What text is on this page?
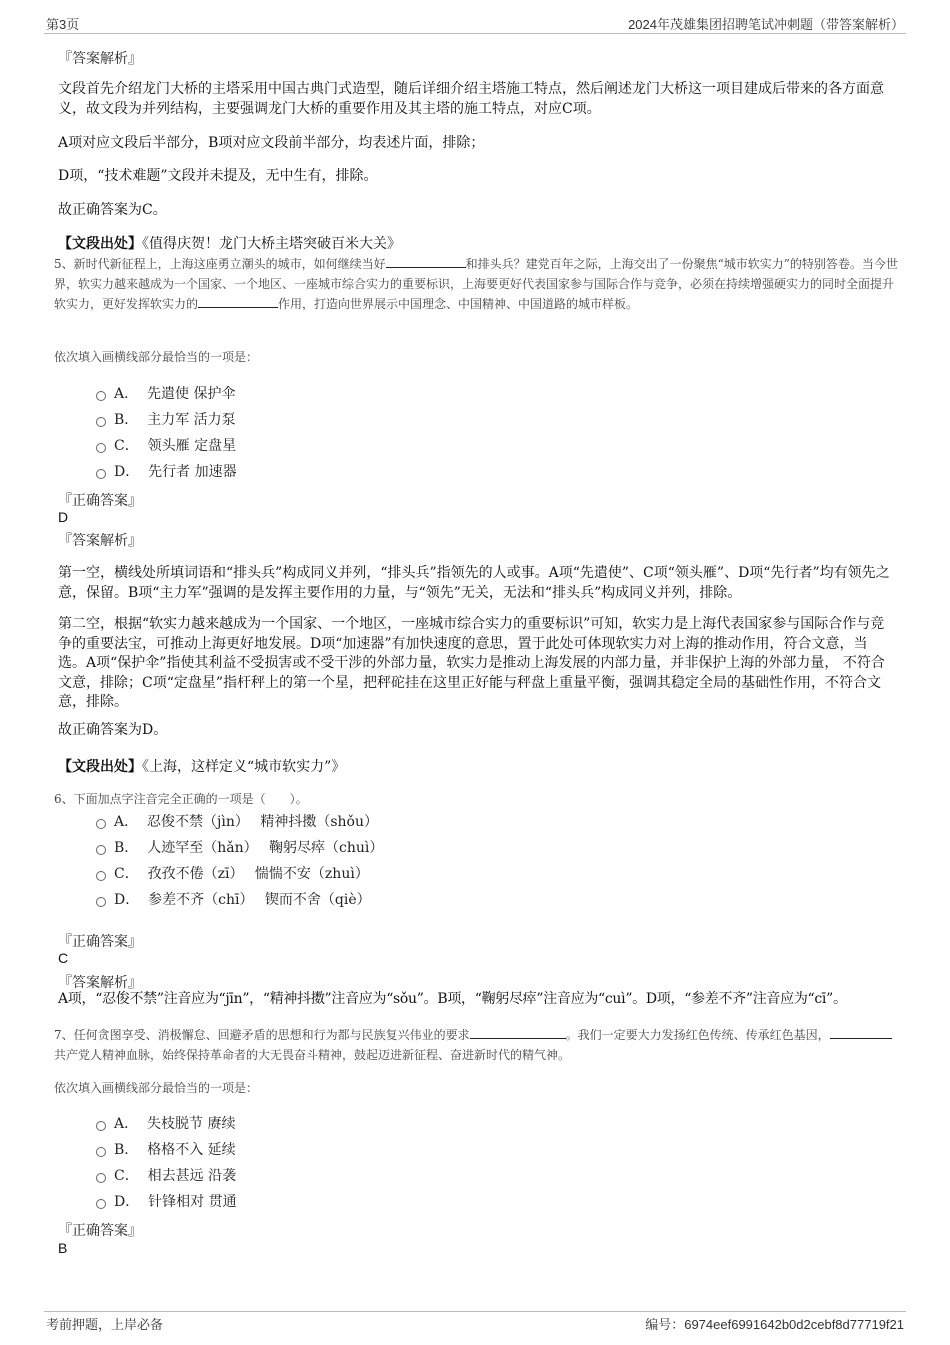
第3页	2024年茂雄集团招聘笔试冲刺题（带答案解析）
『答案解析』
文段首先介绍龙门大桥的主塔采用中国古典门式造型，随后详细介绍主塔施工特点，然后阐述龙门大桥这一项目建成后带来的各方面意义，故文段为并列结构，主要强调龙门大桥的重要作用及其主塔的施工特点，对应C项。
A项对应文段后半部分，B项对应文段前半部分，均表述片面，排除；
D项，“技术难题”文段并未提及，无中生有，排除。
故正确答案为C。
【文段出处】《值得庆贺！龙门大桥主塔突破百米大关》
5、新时代新征程上，上海这座勇立潮头的城市，如何继续当好	和排头兵？建党百年之际，上海交出了一份聚焦“城市软实力”的特别答卷。当今世界，软实力越来越成为一个国家、一个地区、一座城市综合实力的重要标识，上海要更好代表国家参与国际合作与竞争，必须在持续增强硬实力的同时全面提升软实力，更好发挥软实力的	作用，打造向世界展示中国理念、中国精神、中国道路的城市样板。
依次填入画横线部分最恰当的一项是：
A． 先遣使 保护伞
B． 主力军 活力泵
C． 领头雁 定盘星
D． 先行者 加速器
『正确答案』
D
『答案解析』
第一空，横线处所填词语和“排头兵”构成同义并列，“排头兵”指领先的人或事。A项“先遣使”、C项“领头雁”、D项“先行者”均有领先之意，保留。B项“主力军”强调的是发挥主要作用的力量，与“领先”无关，无法和“排头兵”构成同义并列，排除。
第二空，根据“软实力越来越成为一个国家、一个地区，一座城市综合实力的重要标识”可知，软实力是上海代表国家参与国际合作与竞争的重要法宝，可推动上海更好地发展。D项“加速器”有加快速度的意思，置于此处可体现软实力对上海的推动作用，符合文意，当选。A项“保护伞”指使其利益不受损害或不受干涉的外部力量，软实力是推动上海发展的内部力量，并非保护上海的外部力量， 不符合文意，排除；C项“定盘星”指杆秤上的第一个星，把秤砣挂在这里正好能与秤盘上重量平衡，强调其稳定全局的基础性作用，不符合文意，排除。
故正确答案为D。
【文段出处】《上海，这样定义“城市软实力”》
6、下面加点字注音完全正确的一项是（　　）。
A． 忍俊不禁（jìn）　 精神抖擞（shǒu）
B． 人迹罕至（hǎn）　 鞠躬尽瘁（chuì）
C． 孜孜不倦（zī）　 惴惴不安（zhuì）
D． 参差不齐（chī）　 锲而不舍（qiè）
『正确答案』
C
『答案解析』
A项，“忍俊不禁”注音应为“jīn”，“精神抖擞”注音应为“sǒu”。B项，“鞠躬尽瘁”注音应为“cuì”。D项，“参差不齐”注音应为“cī”。
7、任何贪图享受、消极懈怠、回避矛盾的思想和行为都与民族复兴伟业的要求	。我们一定要大力发扬红色传统、传承红色基因，共产党人精神血脉，始终保持革命者的大无畏奋斗精神，鼓起迈进新征程、奋进新时代的精气神。
依次填入画横线部分最恰当的一项是：
A． 失枝脱节 赓续
B． 格格不入 延续
C． 相去甚远 沿袭
D． 针锋相对 贯通
『正确答案』
B
考前押题，上岸必备	编号：6974eef6991642b0d2cebf8d77719f21
